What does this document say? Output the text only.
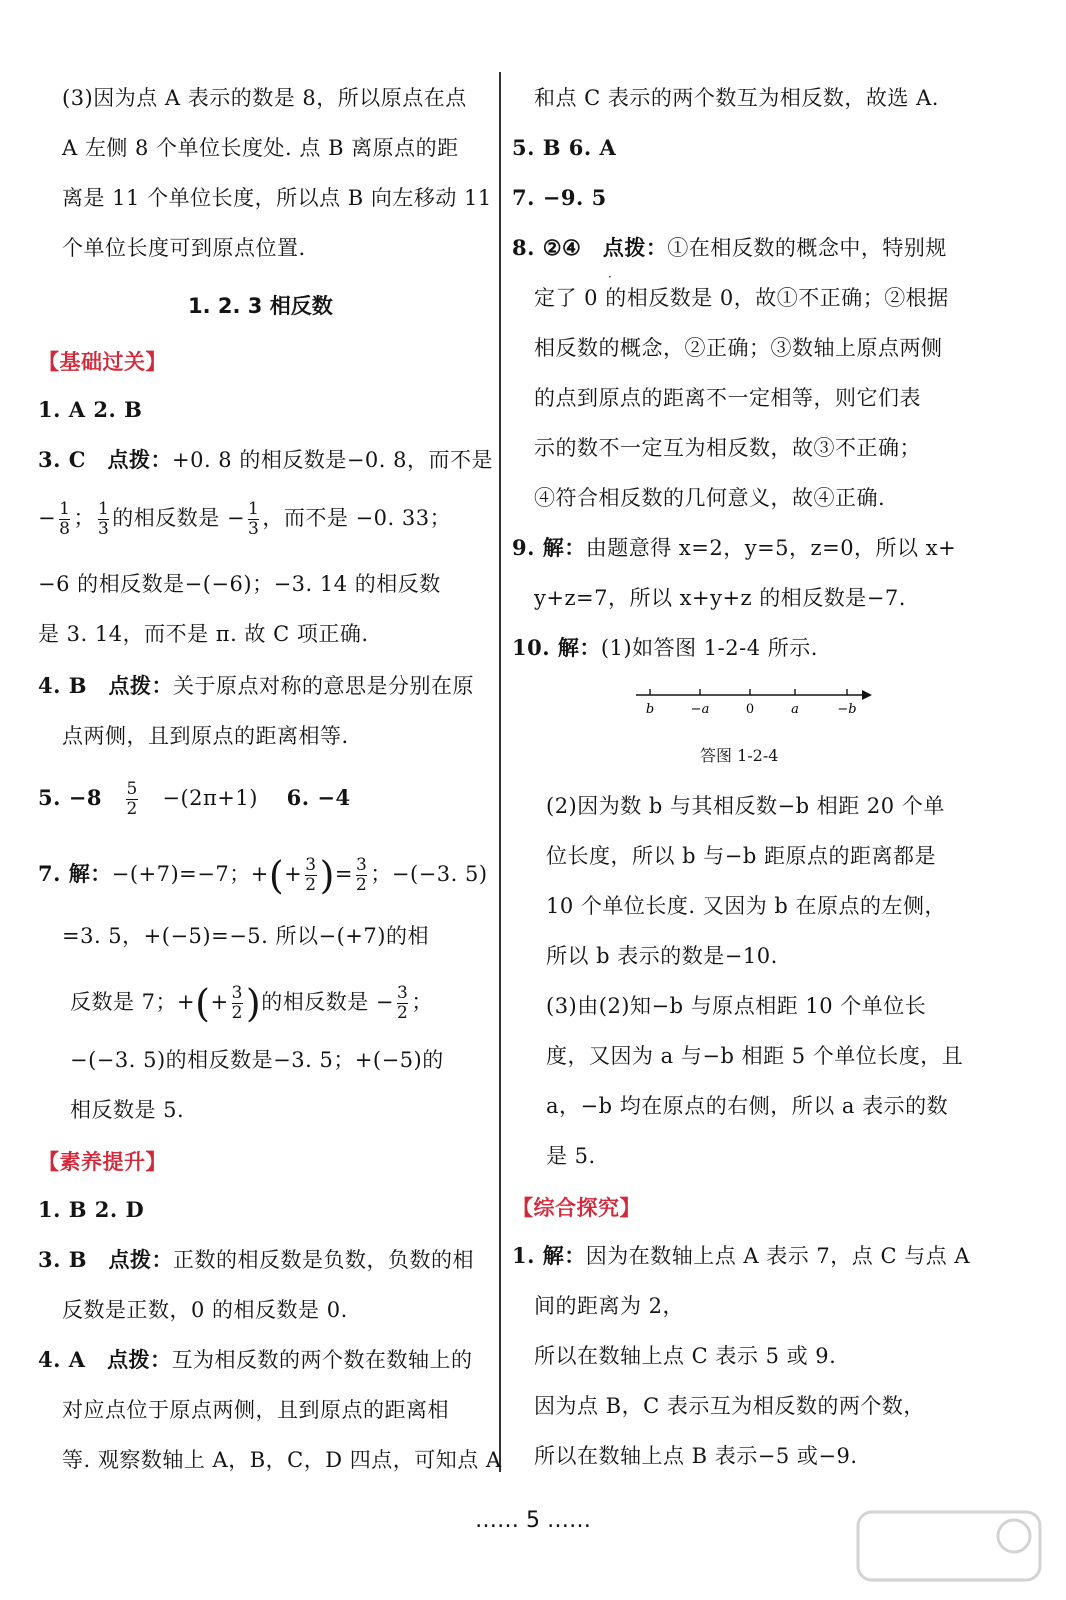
(3)因为点 A 表示的数是 8，所以原点在点
A 左侧 8 个单位长度处. 点 B 离原点的距
离是 11 个单位长度，所以点 B 向左移动 11
个单位长度可到原点位置.
1. 2. 3 相反数
【基础过关】
1. A 2. B
3. C 点拨：+0. 8 的相反数是−0. 8，而不是
− $\frac{1}{8}$ ； $\frac{1}{3}$ 的相反数是 − $\frac{1}{3}$ ，而不是 −0. 33；
−6 的相反数是−(−6)；−3. 14 的相反数
是 3. 14，而不是 π. 故 C 项正确.
4. B 点拨：关于原点对称的意思是分别在原
点两侧，且到原点的距离相等.
5. $-8 \frac{5}{2} -(2\pi+1)$ 6. −4
7. 解：−(+7)=−7；+(+ $\frac{3}{2}$ )= $\frac{3}{2}$ ；−(−3. 5)
=3. 5，+(−5)=−5. 所以−(+7)的相
反数是 7；+(+ $\frac{3}{2}$ )的相反数是 − $\frac{3}{2}$ ；
−(−3. 5)的相反数是−3. 5；+(−5)的
相反数是 5.
【素养提升】
1. B 2. D
3. B 点拨：正数的相反数是负数，负数的相
反数是正数，0 的相反数是 0.
4. A 点拨：互为相反数的两个数在数轴上的
对应点位于原点两侧，且到原点的距离相
等. 观察数轴上 A，B，C，D 四点，可知点 A
和点 C 表示的两个数互为相反数，故选 A.
5. B 6. A
7. −9. 5
8. ②④ 点拨：①在相反数的概念中，特别规
定了 0 的相反数是 0，故①不正确；②根据
相反数的概念，②正确；③数轴上原点两侧
的点到原点的距离不一定相等，则它们表
示的数不一定互为相反数，故③不正确；
④符合相反数的几何意义，故④正确.
9. 解：由题意得 x=2，y=5，z=0，所以 x+
y+z=7，所以 x+y+z 的相反数是−7.
10. 解：(1)如答图 1-2-4 所示.
(2)因为数 b 与其相反数−b 相距 20 个单
位长度，所以 b 与−b 距原点的距离都是
10 个单位长度. 又因为 b 在原点的左侧，
所以 b 表示的数是−10.
(3)由(2)知−b 与原点相距 10 个单位长
度，又因为 a 与−b 相距 5 个单位长度，且
a，−b 均在原点的右侧，所以 a 表示的数
是 5.
【综合探究】
1. 解：因为在数轴上点 A 表示 7，点 C 与点 A
间的距离为 2，
所以在数轴上点 C 表示 5 或 9.
因为点 B，C 表示互为相反数的两个数，
所以在数轴上点 B 表示−5 或−9.
·
b	−a	0	a	−b
答图 1-2-4
…… 5 ……
